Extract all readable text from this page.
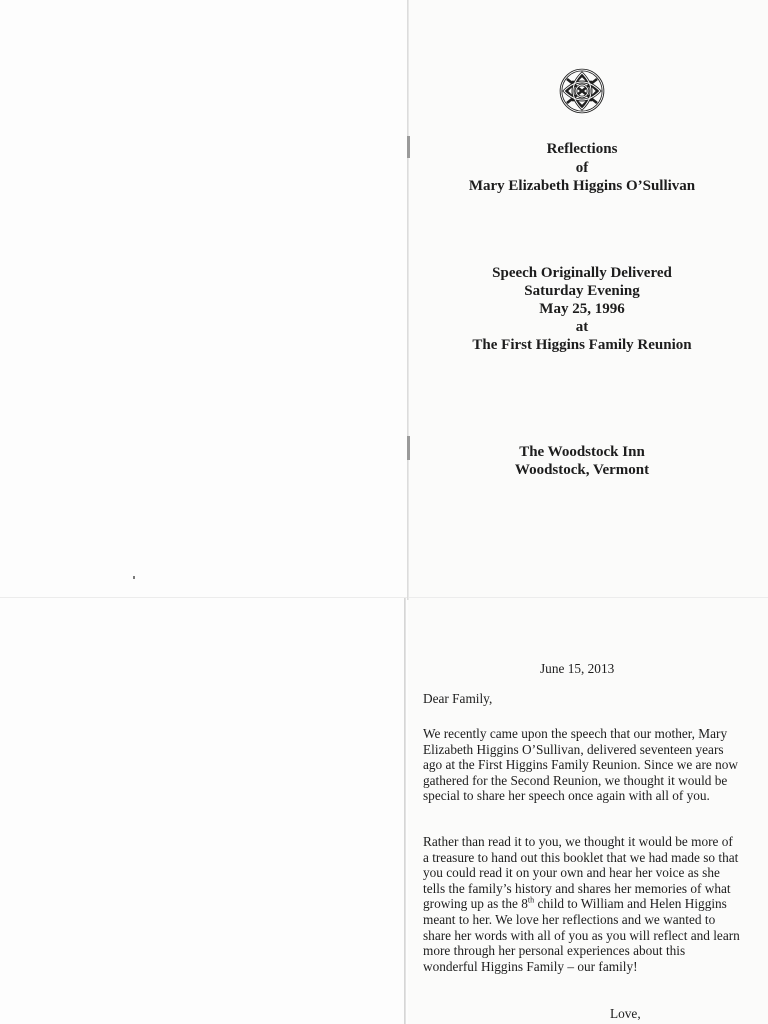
Reflections
of
Mary Elizabeth Higgins O’Sullivan
Speech Originally Delivered
Saturday Evening
May 25, 1996
at
The First Higgins Family Reunion
The Woodstock Inn
Woodstock, Vermont
June 15, 2013
Dear Family,
We recently came upon the speech that our mother, Mary Elizabeth Higgins O’Sullivan, delivered seventeen years ago at the First Higgins Family Reunion. Since we are now gathered for the Second Reunion, we thought it would be special to share her speech once again with all of you.
Rather than read it to you, we thought it would be more of a treasure to hand out this booklet that we had made so that you could read it on your own and hear her voice as she tells the family’s history and shares her memories of what growing up as the 8th child to William and Helen Higgins meant to her. We love her reflections and we wanted to share her words with all of you as you will reflect and learn more through her personal experiences about this wonderful Higgins Family – our family!
Love,
